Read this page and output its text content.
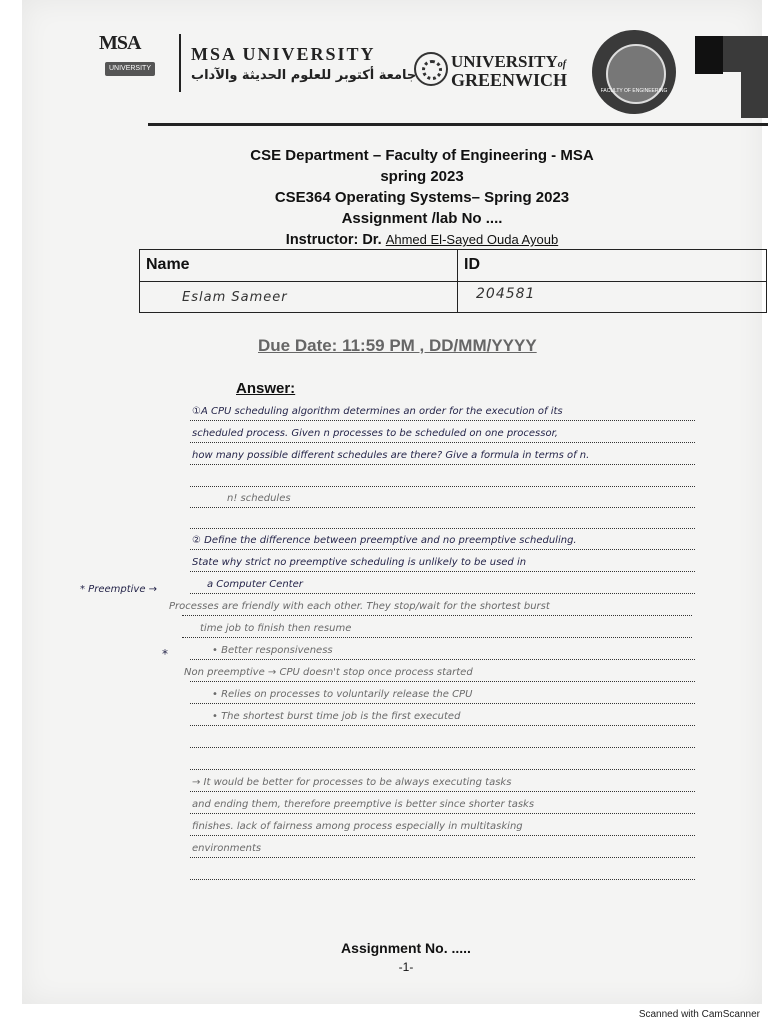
MSA
UNIVERSITY
MSA UNIVERSITY
جامعة أكتوبر للعلوم الحديثة والآداب
UNIVERSITYof
GREENWICH
FACULTY OF ENGINEERING
CSE Department – Faculty of Engineering - MSA
spring 2023
CSE364 Operating Systems– Spring 2023
Assignment /lab No ....
Instructor: Dr. Ahmed El-Sayed Ouda Ayoub
Name	ID
Eslam Sameer	204581
Due Date: 11:59 PM , DD/MM/YYYY
Answer:
①A CPU scheduling algorithm determines an order for the execution of its
scheduled process. Given n processes to be scheduled on one processor,
how many possible different schedules are there? Give a formula in terms of n.
n! schedules
② Define the difference between preemptive and no preemptive scheduling.
State why strict no preemptive scheduling is unlikely to be used in
a Computer Center
Processes are friendly with each other. They stop/wait for the shortest burst
time job to finish then resume
• Better responsiveness
Non preemptive → CPU doesn't stop once process started
• Relies on processes to voluntarily release the CPU
• The shortest burst time job is the first executed
→ It would be better for processes to be always executing tasks
and ending them, therefore preemptive is better since shorter tasks
finishes. lack of fairness among process especially in multitasking
environments
* Preemptive →
*
Assignment No. .....
-1-
Scanned with CamScanner
